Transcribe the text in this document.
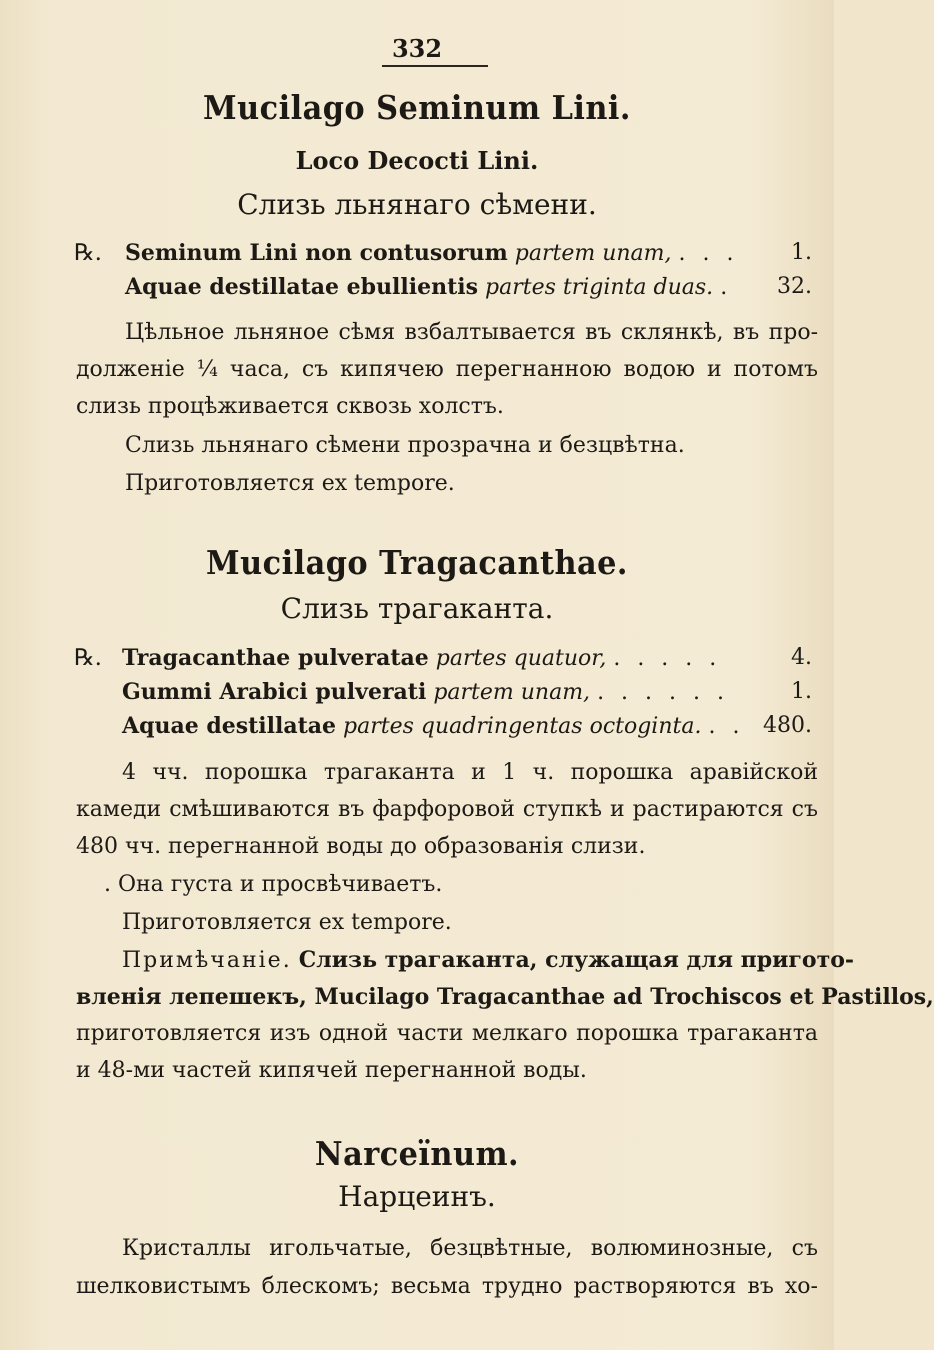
332
Mucilago Seminum Lini.
Loco Decocti Lini.
Слизь льнянаго сѣмени.
℞. Seminum Lini non contusorum partem unam, . . . 1.
Aquae destillatae ebullientis partes triginta duas. . 32.
Цѣльное льняное сѣмя взбалтывается въ склянкѣ, въ про-
долженіе ¼ часа, съ кипячею перегнанною водою и потомъ
слизь процѣживается сквозь холстъ.
Слизь льнянаго сѣмени прозрачна и безцвѣтна.
Приготовляется ex tempore.
Mucilago Tragacanthae.
Слизь трагаканта.
℞. Tragacanthae pulveratae partes quatuor, . . . . .	4.
Gummi Arabici pulverati partem unam, . . . . . .	1.
Aquae destillatae partes quadringentas octoginta. . . 480.
4 чч. порошка трагаканта и 1 ч. порошка аравійской
камеди смѣшиваются въ фарфоровой ступкѣ и растираются съ
480 чч. перегнанной воды до образованія слизи.
. Она густа и просвѣчиваетъ.
Приготовляется ex tempore.
Примѣчаніе. Слизь трагаканта, служащая для пригото-
вленія лепешекъ, Mucilago Tragacanthae ad Trochiscos et Pastillos,
приготовляется изъ одной части мелкаго порошка трагаканта
и 48-ми частей кипячей перегнанной воды.
Narceïnum.
Нарцеинъ.
Кристаллы игольчатые, безцвѣтные, волюминозные, съ
шелковистымъ блескомъ; весьма трудно растворяются въ хо-
